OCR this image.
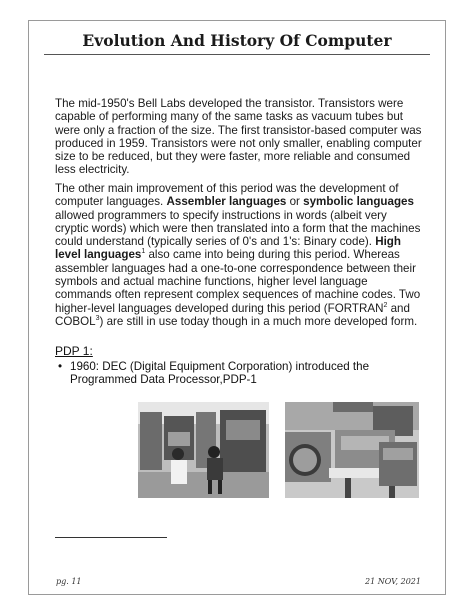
Evolution And History Of Computer
The mid-1950's Bell Labs developed the transistor. Transistors were capable of performing many of the same tasks as vacuum tubes but were only a fraction of the size. The first transistor-based computer was produced in 1959. Transistors were not only smaller, enabling computer size to be reduced, but they were faster, more reliable and consumed less electricity.
The other main improvement of this period was the development of computer languages. Assembler languages or symbolic languages allowed programmers to specify instructions in words (albeit very cryptic words) which were then translated into a form that the machines could understand (typically series of 0's and 1's: Binary code). High level languages$^1$ also came into being during this period. Whereas assembler languages had a one-to-one correspondence between their symbols and actual machine functions, higher level language commands often represent complex sequences of machine codes. Two higher-level languages developed during this period (FORTRAN$^2$ and COBOL$^3$) are still in use today though in a much more developed form.
PDP 1:
• 1960: DEC (Digital Equipment Corporation) introduced the Programmed Data Processor,PDP-1
pg. 11	21 NOV, 2021
